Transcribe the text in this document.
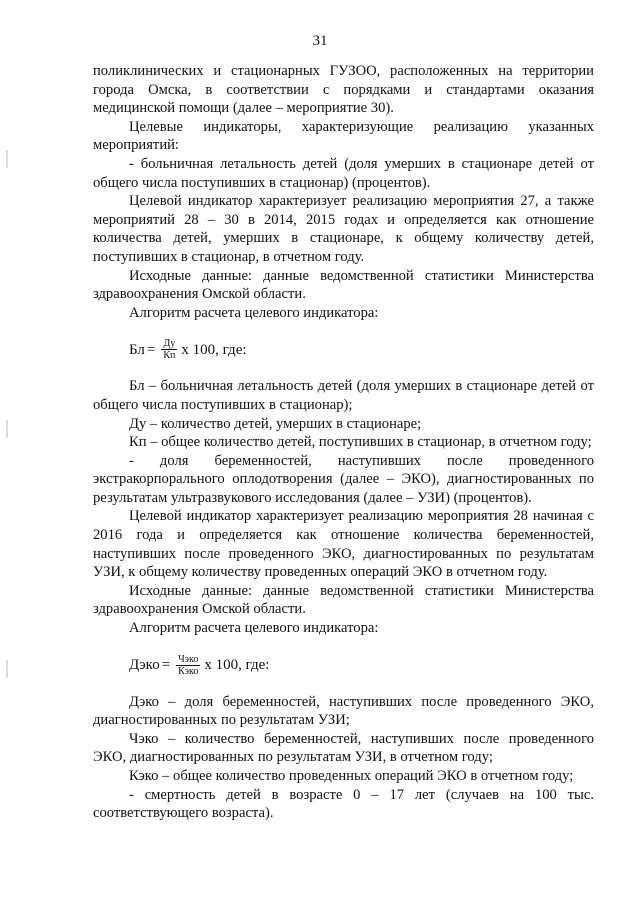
31

поликлинических и стационарных ГУЗОО, расположенных на территории города Омска, в соответствии с порядками и стандартами оказания медицинской помощи (далее – мероприятие 30).

Целевые индикаторы, характеризующие реализацию указанных мероприятий:

- больничная летальность детей (доля умерших в стационаре детей от общего числа поступивших в стационар) (процентов).

Целевой индикатор характеризует реализацию мероприятия 27, а также мероприятий 28 – 30 в 2014, 2015 годах и определяется как отношение количества детей, умерших в стационаре, к общему количеству детей, поступивших в стационар, в отчетном году.

Исходные данные: данные ведомственной статистики Министерства здравоохранения Омской области.

Алгоритм расчета целевого индикатора:

Бл = $\frac{Ду}{Кп}$ х 100, где:

Бл – больничная летальность детей (доля умерших в стационаре детей от общего числа поступивших в стационар);

Ду – количество детей, умерших в стационаре;

Кп – общее количество детей, поступивших в стационар, в отчетном году;

- доля беременностей, наступивших после проведенного экстракорпорального оплодотворения (далее – ЭКО), диагностированных по результатам ультразвукового исследования (далее – УЗИ) (процентов).

Целевой индикатор характеризует реализацию мероприятия 28 начиная с 2016 года и определяется как отношение количества беременностей, наступивших после проведенного ЭКО, диагностированных по результатам УЗИ, к общему количеству проведенных операций ЭКО в отчетном году.

Исходные данные: данные ведомственной статистики Министерства здравоохранения Омской области.

Алгоритм расчета целевого индикатора:

Дэко = $\frac{\text{Чэко}}{\text{Кэко}}$ х 100, где:

Дэко – доля беременностей, наступивших после проведенного ЭКО, диагностированных по результатам УЗИ;

Чэко – количество беременностей, наступивших после проведенного ЭКО, диагностированных по результатам УЗИ, в отчетном году;

Кэко – общее количество проведенных операций ЭКО в отчетном году;

- смертность детей в возрасте 0 – 17 лет (случаев на 100 тыс. соответствующего возраста).
